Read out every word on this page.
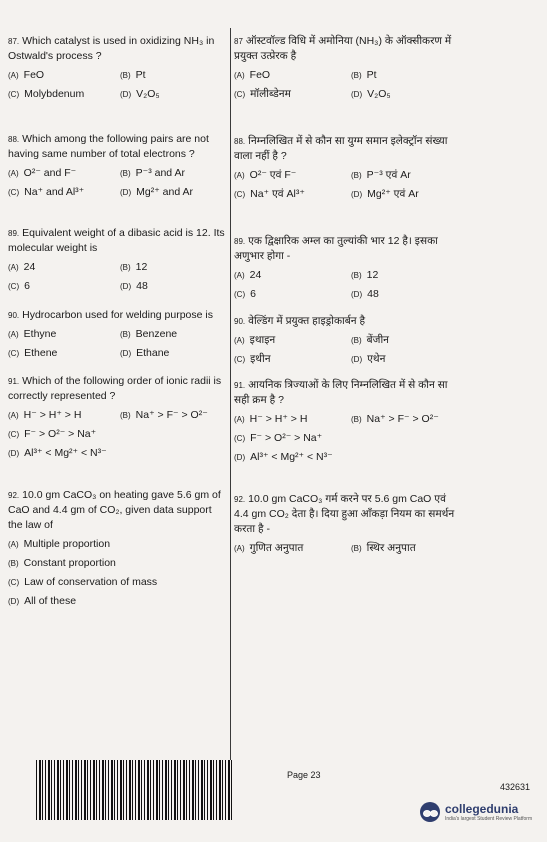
87. Which catalyst is used in oxidizing NH₃ in Ostwald's process ?

(A) FeO	(B) Pt
(C) Molybdenum	(D) V₂O₅

87 ऑस्टवॉल्ड विधि में अमोनिया (NH₃) के ऑक्सीकरण में प्रयुक्त उत्प्रेरक है

(A) FeO	(B) Pt
(C) मॉलीब्डेनम	(D) V₂O₅

88. Which among the following pairs are not having same number of total electrons ?

(A) O²⁻ and F⁻	(B) P⁻³ and Ar
(C) Na⁺ and Al³⁺	(D) Mg²⁺ and Ar

88. निम्नलिखित में से कौन सा युग्म समान इलेक्ट्रॉन संख्या वाला नहीं है ?

(A) O²⁻ एवं F⁻	(B) P⁻³ एवं Ar
(C) Na⁺ एवं Al³⁺	(D) Mg²⁺ एवं Ar

89. Equivalent weight of a dibasic acid is 12. Its molecular weight is

(A) 24	(B) 12
(C) 6	(D) 48

89. एक द्विक्षारिक अम्ल का तुल्यांकी भार 12 है। इसका अणुभार होगा -

(A) 24	(B) 12
(C) 6	(D) 48

90. Hydrocarbon used for welding purpose is

(A) Ethyne	(B) Benzene
(C) Ethene	(D) Ethane

90. वेल्डिंग में प्रयुक्त हाइड्रोकार्बन है

(A) इथाइन	(B) बेंजीन
(C) इथीन	(D) एथेन

91. Which of the following order of ionic radii is correctly represented ?

(A) H⁻ > H⁺ > H	(B) Na⁺ > F⁻ > O²⁻
(C) F⁻ > O²⁻ > Na⁺
(D) Al³⁺ < Mg²⁺ < N³⁻

91. आयनिक त्रिज्याओं के लिए निम्नलिखित में से कौन सा सही क्रम है ?

(A) H⁻ > H⁺ > H	(B) Na⁺ > F⁻ > O²⁻
(C) F⁻ > O²⁻ > Na⁺
(D) Al³⁺ < Mg²⁺ < N³⁻

92. 10.0 gm CaCO₃ on heating gave 5.6 gm of CaO and 4.4 gm of CO₂, given data support the law of

(A) Multiple proportion
(B) Constant proportion
(C) Law of conservation of mass
(D) All of these

92. 10.0 gm CaCO₃ गर्म करने पर 5.6 gm CaO एवं 4.4 gm CO₂ देता है। दिया हुआ आँकड़ा नियम का समर्थन करता है -

(A) गुणित अनुपात	(B) स्थिर अनुपात
Page 23
432631
collegedunia
India's largest Student Review Platform
